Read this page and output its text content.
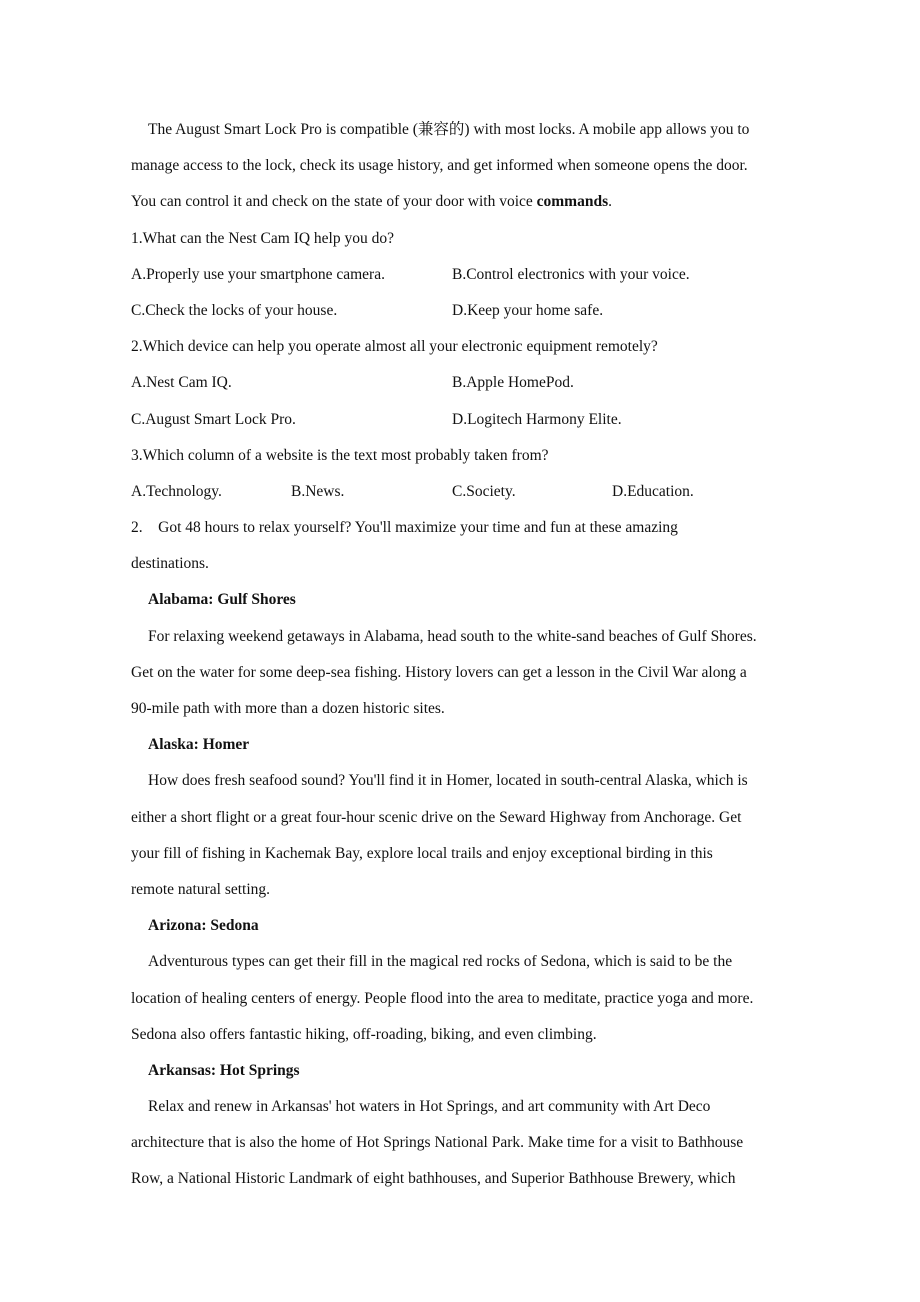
The August Smart Lock Pro is compatible (兼容的) with most locks. A mobile app allows you to
manage access to the lock, check its usage history, and get informed when someone opens the door.
You can control it and check on the state of your door with voice commands.
1.What can the Nest Cam IQ help you do?
A.Properly use your smartphone camera.	B.Control electronics with your voice.
C.Check the locks of your house.	D.Keep your home safe.
2.Which device can help you operate almost all your electronic equipment remotely?
A.Nest Cam IQ.	B.Apple HomePod.
C.August Smart Lock Pro.	D.Logitech Harmony Elite.
3.Which column of a website is the text most probably taken from?
A.Technology.	B.News.	C.Society.	D.Education.
2.    Got 48 hours to relax yourself? You'll maximize your time and fun at these amazing
destinations.
Alabama: Gulf Shores
For relaxing weekend getaways in Alabama, head south to the white-sand beaches of Gulf Shores.
Get on the water for some deep-sea fishing. History lovers can get a lesson in the Civil War along a
90-mile path with more than a dozen historic sites.
Alaska: Homer
How does fresh seafood sound? You'll find it in Homer, located in south-central Alaska, which is
either a short flight or a great four-hour scenic drive on the Seward Highway from Anchorage. Get
your fill of fishing in Kachemak Bay, explore local trails and enjoy exceptional birding in this
remote natural setting.
Arizona: Sedona
Adventurous types can get their fill in the magical red rocks of Sedona, which is said to be the
location of healing centers of energy. People flood into the area to meditate, practice yoga and more.
Sedona also offers fantastic hiking, off-roading, biking, and even climbing.
Arkansas: Hot Springs
Relax and renew in Arkansas' hot waters in Hot Springs, and art community with Art Deco
architecture that is also the home of Hot Springs National Park. Make time for a visit to Bathhouse
Row, a National Historic Landmark of eight bathhouses, and Superior Bathhouse Brewery, which
